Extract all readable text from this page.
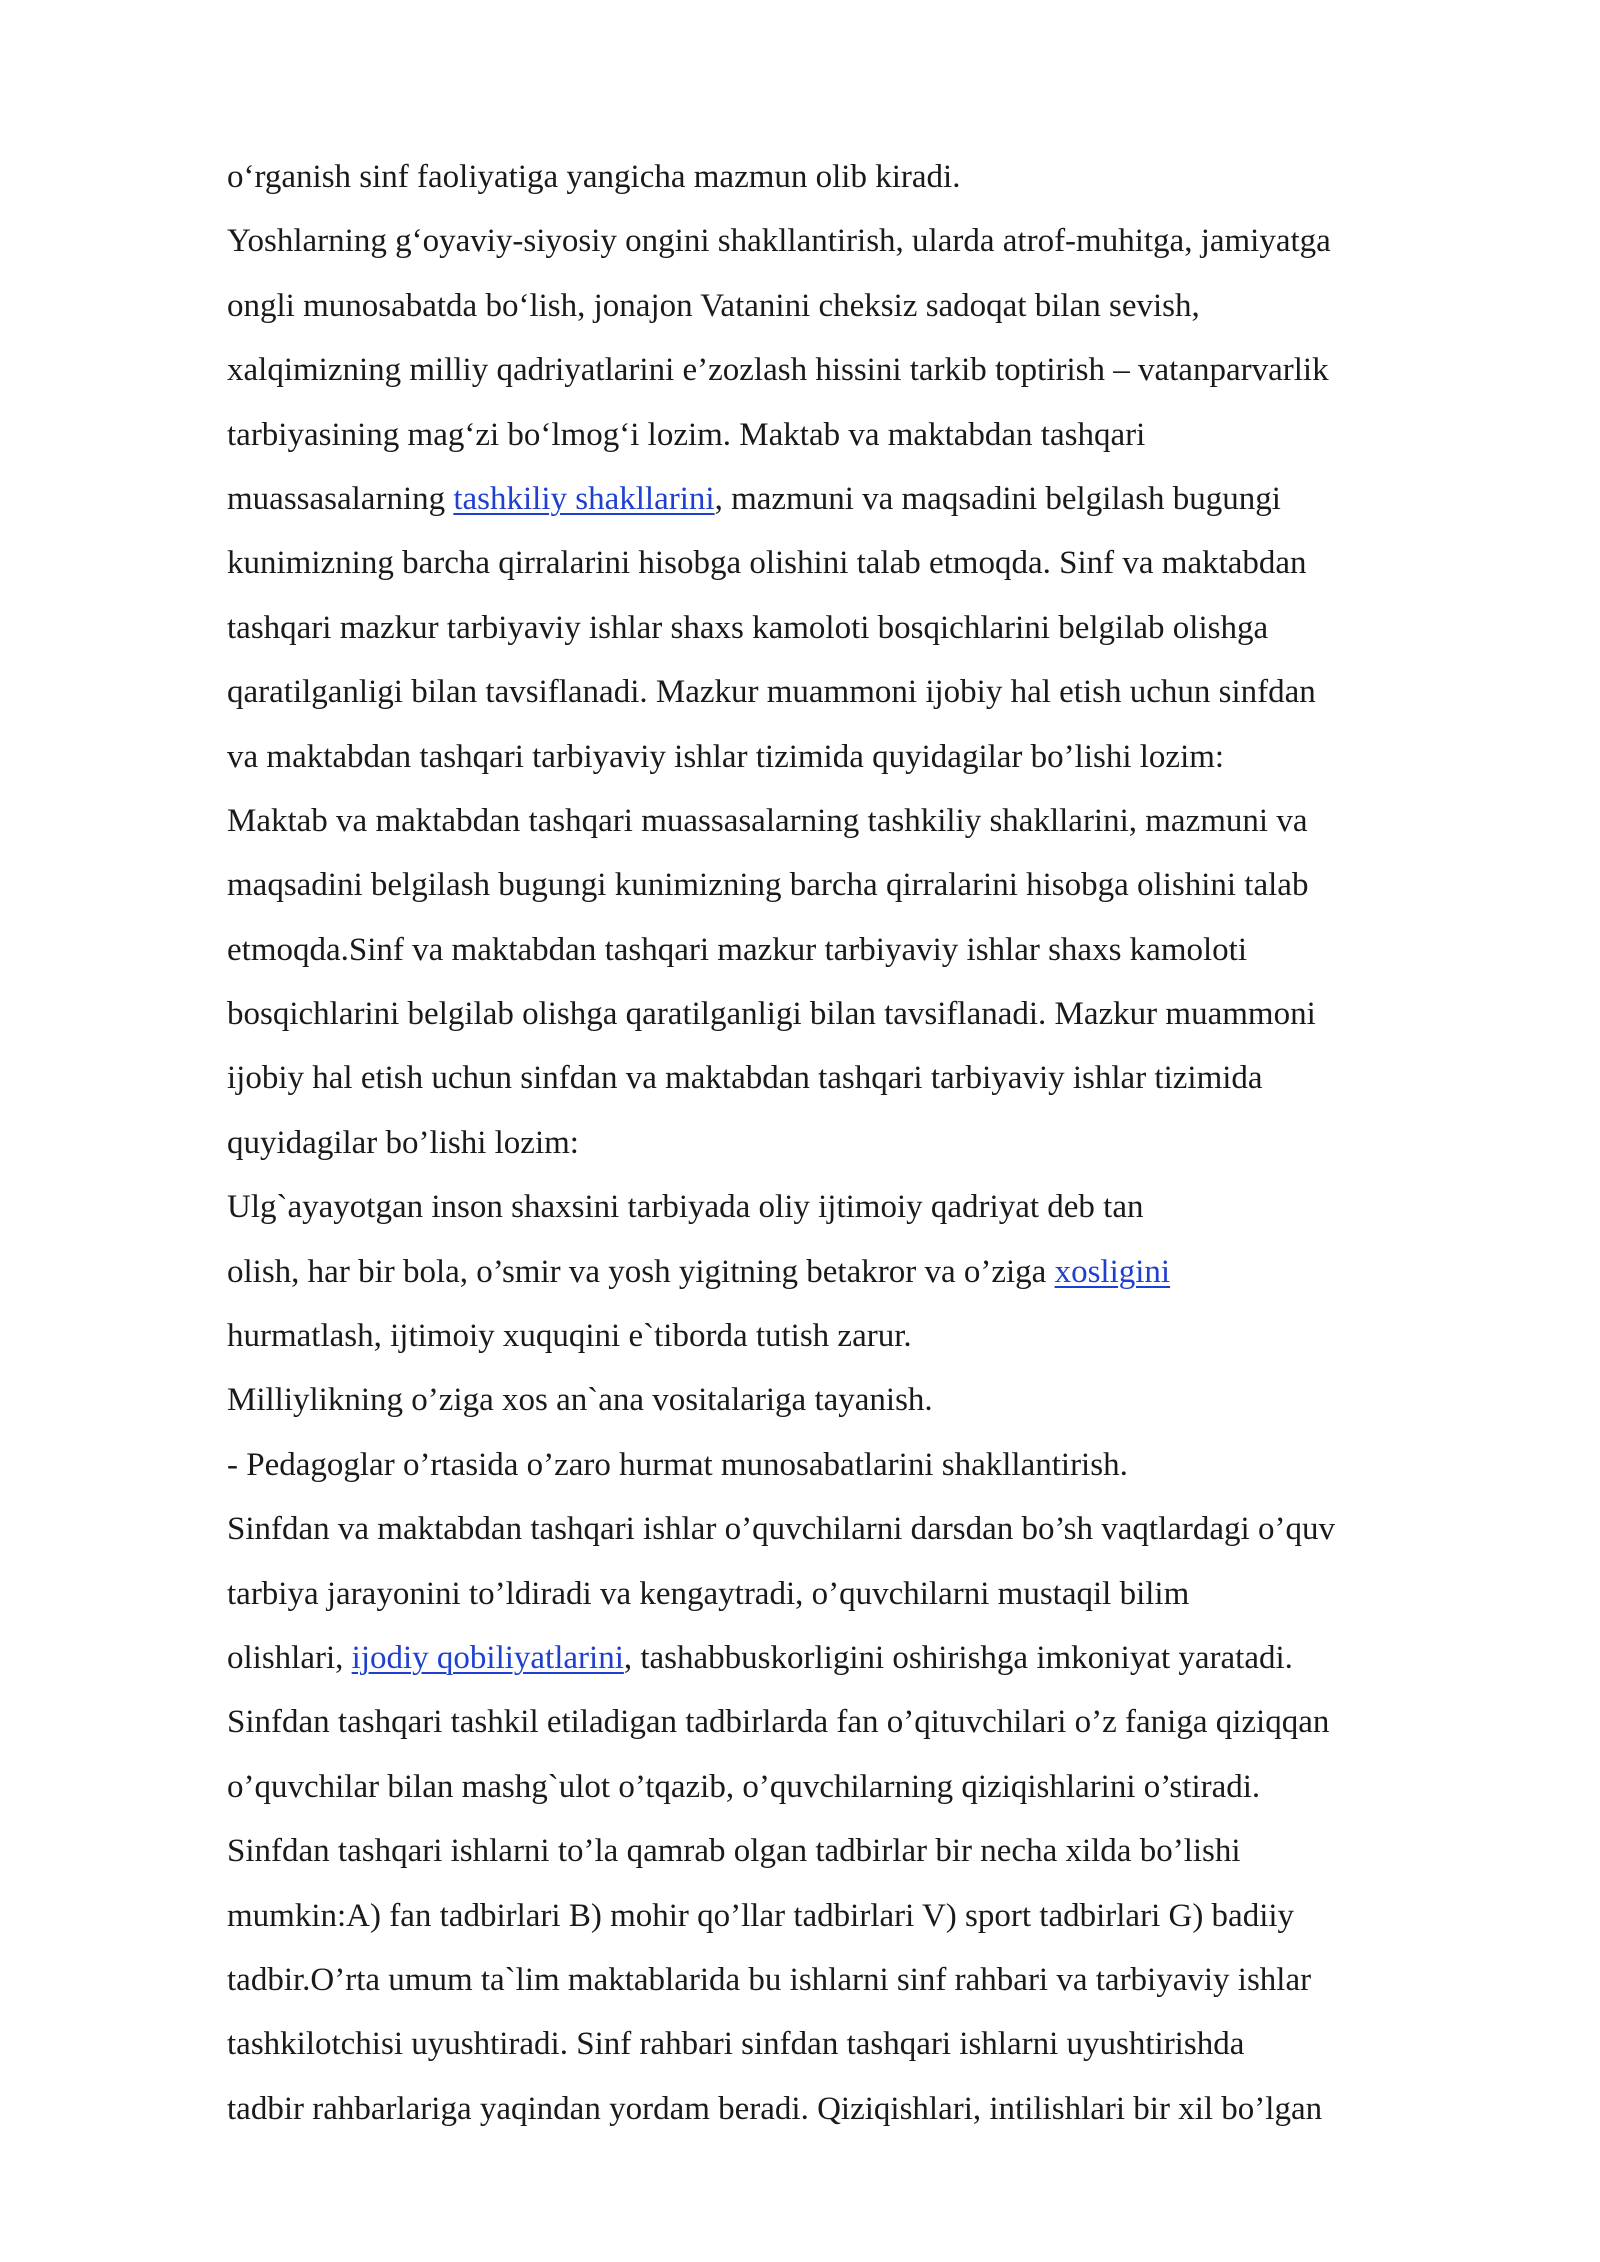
o‘rganish sinf faoliyatiga yangicha mazmun olib kiradi.
Yoshlarning g‘oyaviy-siyosiy ongini shakllantirish, ularda atrof-muhitga, jamiyatga
ongli munosabatda bo‘lish, jonajon Vatanini cheksiz sadoqat bilan sevish,
xalqimizning milliy qadriyatlarini e’zozlash hissini tarkib toptirish – vatanparvarlik
tarbiyasining mag‘zi bo‘lmog‘i lozim. Maktab va maktabdan tashqari
muassasalarning tashkiliy shakllarini, mazmuni va maqsadini belgilash bugungi
kunimizning barcha qirralarini hisobga olishini talab etmoqda. Sinf va maktabdan
tashqari mazkur tarbiyaviy ishlar shaxs kamoloti bosqichlarini belgilab olishga
qaratilganligi bilan tavsiflanadi. Mazkur muammoni ijobiy hal etish uchun sinfdan
va maktabdan tashqari tarbiyaviy ishlar tizimida quyidagilar bo’lishi lozim:
Maktab va maktabdan tashqari muassasalarning tashkiliy shakllarini, mazmuni va
maqsadini belgilash bugungi kunimizning barcha qirralarini hisobga olishini talab
etmoqda.Sinf va maktabdan tashqari mazkur tarbiyaviy ishlar shaxs kamoloti
bosqichlarini belgilab olishga qaratilganligi bilan tavsiflanadi. Mazkur muammoni
ijobiy hal etish uchun sinfdan va maktabdan tashqari tarbiyaviy ishlar tizimida
quyidagilar bo’lishi lozim:
Ulg`ayayotgan inson shaxsini tarbiyada oliy ijtimoiy qadriyat deb tan
olish, har bir bola, o’smir va yosh yigitning betakror va o’ziga xosligini
hurmatlash, ijtimoiy xuquqini e`tiborda tutish zarur.
Milliylikning o’ziga xos an`ana vositalariga tayanish.
- Pedagoglar o’rtasida o’zaro hurmat munosabatlarini shakllantirish.
Sinfdan va maktabdan tashqari ishlar o’quvchilarni darsdan bo’sh vaqtlardagi o’quv
tarbiya jarayonini to’ldiradi va kengaytradi, o’quvchilarni mustaqil bilim
olishlari, ijodiy qobiliyatlarini, tashabbuskorligini oshirishga imkoniyat yaratadi.
Sinfdan tashqari tashkil etiladigan tadbirlarda fan o’qituvchilari o’z faniga qiziqqan
o’quvchilar bilan mashg`ulot o’tqazib, o’quvchilarning qiziqishlarini o’stiradi.
Sinfdan tashqari ishlarni to’la qamrab olgan tadbirlar bir necha xilda bo’lishi
mumkin:A) fan tadbirlari B) mohir qo’llar tadbirlari V) sport tadbirlari G) badiiy
tadbir.O’rta umum ta`lim maktablarida bu ishlarni sinf rahbari va tarbiyaviy ishlar
tashkilotchisi uyushtiradi. Sinf rahbari sinfdan tashqari ishlarni uyushtirishda
tadbir rahbarlariga yaqindan yordam beradi. Qiziqishlari, intilishlari bir xil bo’lgan
